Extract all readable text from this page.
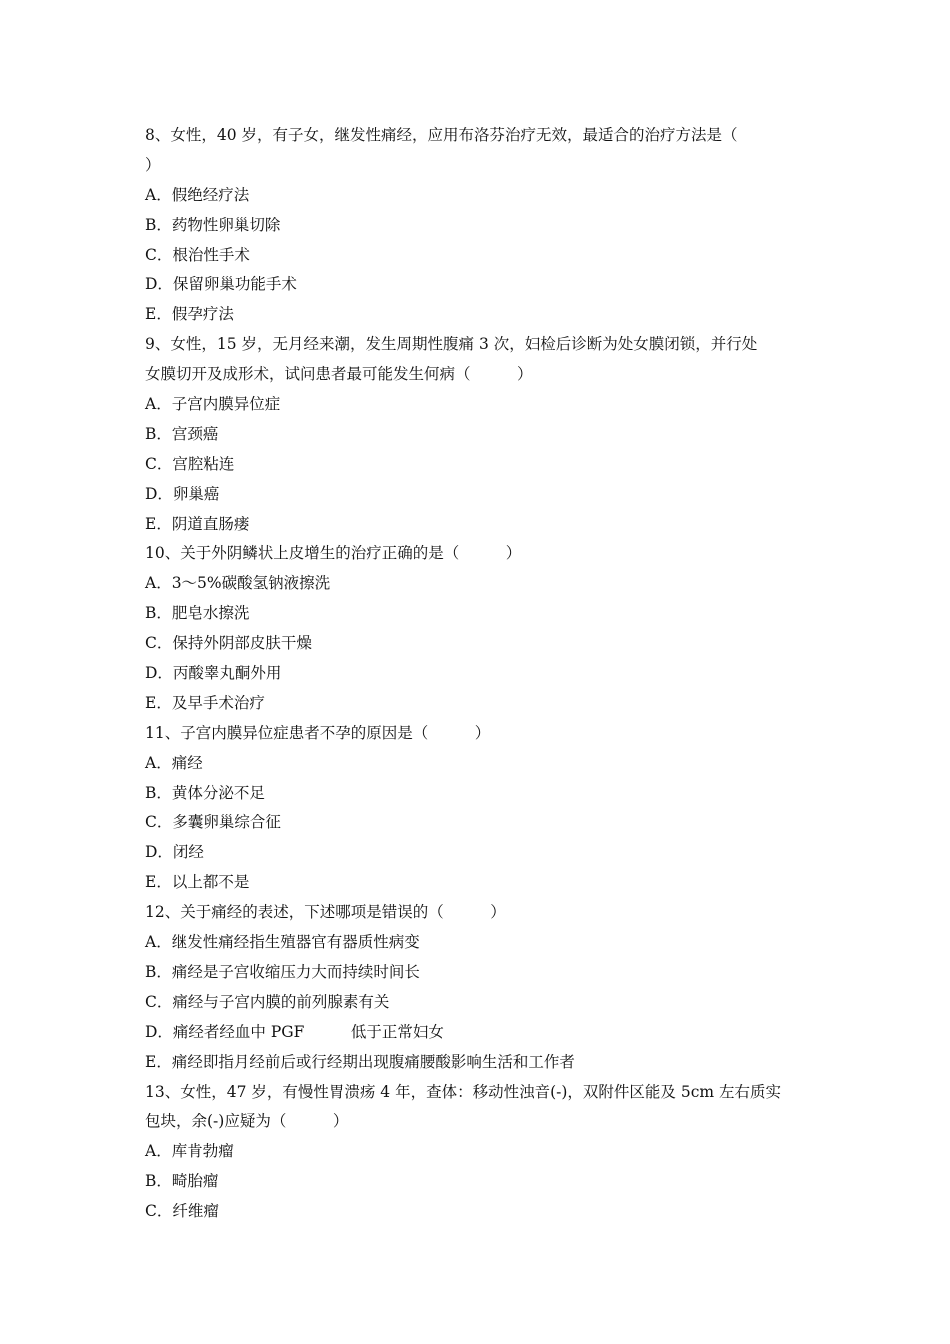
8、女性，40 岁，有子女，继发性痛经，应用布洛芬治疗无效，最适合的治疗方法是（
）
A．假绝经疗法
B．药物性卵巢切除
C．根治性手术
D．保留卵巢功能手术
E．假孕疗法
9、女性，15 岁，无月经来潮，发生周期性腹痛 3 次，妇检后诊断为处女膜闭锁，并行处
女膜切开及成形术，试问患者最可能发生何病（　　　）
A．子宫内膜异位症
B．宫颈癌
C．宫腔粘连
D．卵巢癌
E．阴道直肠瘘
10、关于外阴鳞状上皮增生的治疗正确的是（　　　）
A．3～5%碳酸氢钠液擦洗
B．肥皂水擦洗
C．保持外阴部皮肤干燥
D．丙酸睾丸酮外用
E．及早手术治疗
11、子宫内膜异位症患者不孕的原因是（　　　）
A．痛经
B．黄体分泌不足
C．多囊卵巢综合征
D．闭经
E．以上都不是
12、关于痛经的表述，下述哪项是错误的（　　　）
A．继发性痛经指生殖器官有器质性病变
B．痛经是子宫收缩压力大而持续时间长
C．痛经与子宫内膜的前列腺素有关
D．痛经者经血中 PGF　　　低于正常妇女
E．痛经即指月经前后或行经期出现腹痛腰酸影响生活和工作者
13、女性，47 岁，有慢性胃溃疡 4 年，查体：移动性浊音(-)，双附件区能及 5cm 左右质实
包块，余(-)应疑为（　　　）
A．库肯勃瘤
B．畸胎瘤
C．纤维瘤
